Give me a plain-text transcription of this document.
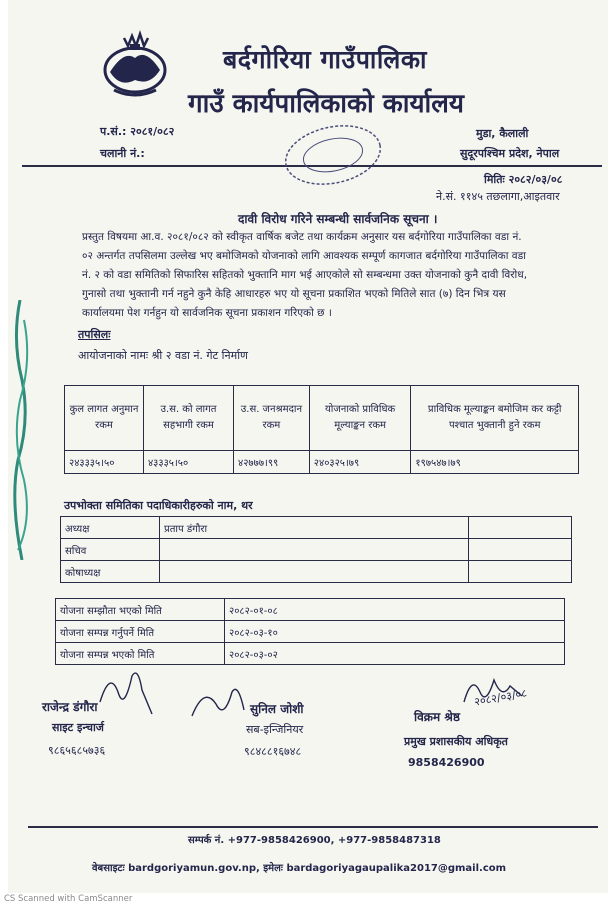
बर्दगोरिया गाउँपालिका
गाउँ कार्यपालिकाको कार्यालय
प.सं.: २०८१/०८२
चलानी नं.:
मुडा, कैलाली
सुदूरपश्चिम प्रदेश, नेपाल
मितिः २०८२/०३/०८
ने.सं. ११४५ तछलागा,आइतवार
दावी विरोध गरिने सम्बन्धी सार्वजनिक सूचना ।
प्रस्तुत विषयमा आ.व. २०८१/०८२ को स्वीकृत वार्षिक बजेट तथा कार्यक्रम अनुसार यस बर्दगोरिया गाउँपालिका वडा नं.
०२ अन्तर्गत तपसिलमा उल्लेख भए बमोजिमको योजनाको लागि आवश्यक सम्पूर्ण कागजात बर्दगोरिया गाउँपालिका वडा
नं. २ को वडा समितिको सिफारिस सहितको भुक्तानि माग भई आएकोले सो सम्बन्धमा उक्त योजनाको कुनै दावी विरोध,
गुनासो तथा भुक्तानी गर्न नहुने कुनै केहि आधारहरु भए यो सूचना प्रकाशित भएको मितिले सात (७) दिन भित्र यस
कार्यालयमा पेश गर्नहुन यो सार्वजनिक सूचना प्रकाशन गरिएको छ ।
तपसिलः
आयोजनाको नामः श्री २ वडा नं. गेट निर्माण
कुल लागत अनुमान रकम	उ.स. को लागत सहभागी रकम	उ.स. जनश्रमदान रकम	योजनाको प्राविधिक मूल्याङ्कन रकम	प्राविधिक मूल्याङ्कन बमोजिम कर कट्टी पश्चात भुक्तानी हुने रकम
२४३३३५।५०	४३३३५।५०	४२७७७।९९	२४०३२५।७९	१९७५४७।७९
उपभोक्ता समितिका पदाधिकारीहरुको नाम, थर
अध्यक्ष	प्रताप डंगौरा	
सचिव		
कोषाध्यक्ष		
योजना सम्झौता भएको मिति	२०८२-०१-०८
योजना सम्पन्न गर्नुपर्ने मिति	२०८२-०३-१०
योजना सम्पन्न भएको मिति	२०८२-०३-०२
राजेन्द्र डंगौरा
साइट इन्चार्ज
९८६५६८५७३६
सुनिल जोशी
सब-इन्जिनियर
९८४८८१६७४८
२०८२/०३/०८
विक्रम श्रेष्ठ
प्रमुख प्रशासकीय अधिकृत
9858426900
सम्पर्क नं. +977-9858426900, +977-9858487318
वेबसाइटः bardgoriyamun.gov.np, इमेलः bardagoriyagaupalika2017@gmail.com
CS Scanned with CamScanner
